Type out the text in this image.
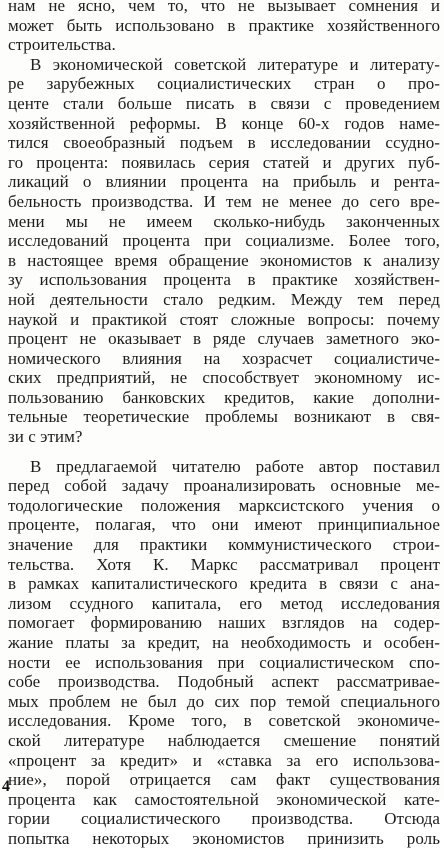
нам не ясно, чем то, что не вызывает сомнения и
может быть использовано в практике хозяйственного
строительства.
В экономической советской литературе и литерату-
ре зарубежных социалистических стран о про-
центе стали больше писать в связи с проведением
хозяйственной реформы. В конце 60-х годов намe-
тился своеобразный подъем в исследовании ссудно-
го процента: появилась серия статей и других пуб-
ликаций о влиянии процента на прибыль и рента-
бельность производства. И тем не менее до сего вре-
мени мы не имеем сколько-нибудь законченных
исследований процента при социализме. Более того,
в настоящее время обращение экономистов к анализу
зу использования процента в практике хозяйствен-
ной деятельности стало редким. Между тем перед
наукой и практикой стоят сложные вопросы: почему
процент не оказывает в ряде случаев заметного эко-
номического влияния на хозрасчет социалистиче-
ских предприятий, не способствует экономному ис-
пользованию банковских кредитов, какие дополни-
тельные теоретические проблемы возникают в свя-
зи с этим?
В предлагаемой читателю работе автор поставил
перед собой задачу проанализировать основные ме-
тодологические положения марксистского учения о
проценте, полагая, что они имеют принципиальное
значение для практики коммунистического строи-
тельства. Хотя К. Маркс рассматривал процент
в рамках капиталистического кредита в связи с ана-
лизом ссудного капитала, его метод исследования
помогает формированию наших взглядов на содер-
жание платы за кредит, на необходимость и особен-
ности ее использования при социалистическом спо-
собе производства. Подобный аспект рассматривае-
мых проблем не был до сих пор темой специального
исследования. Кроме того, в советской экономиче-
ской литературе наблюдается смешение понятий
«процент за кредит» и «ставка за его использова-
ние», порой отрицается сам факт существования
процента как самостоятельной экономической кате-
гории социалистического производства. Отсюда
попытка некоторых экономистов принизить роль
4
